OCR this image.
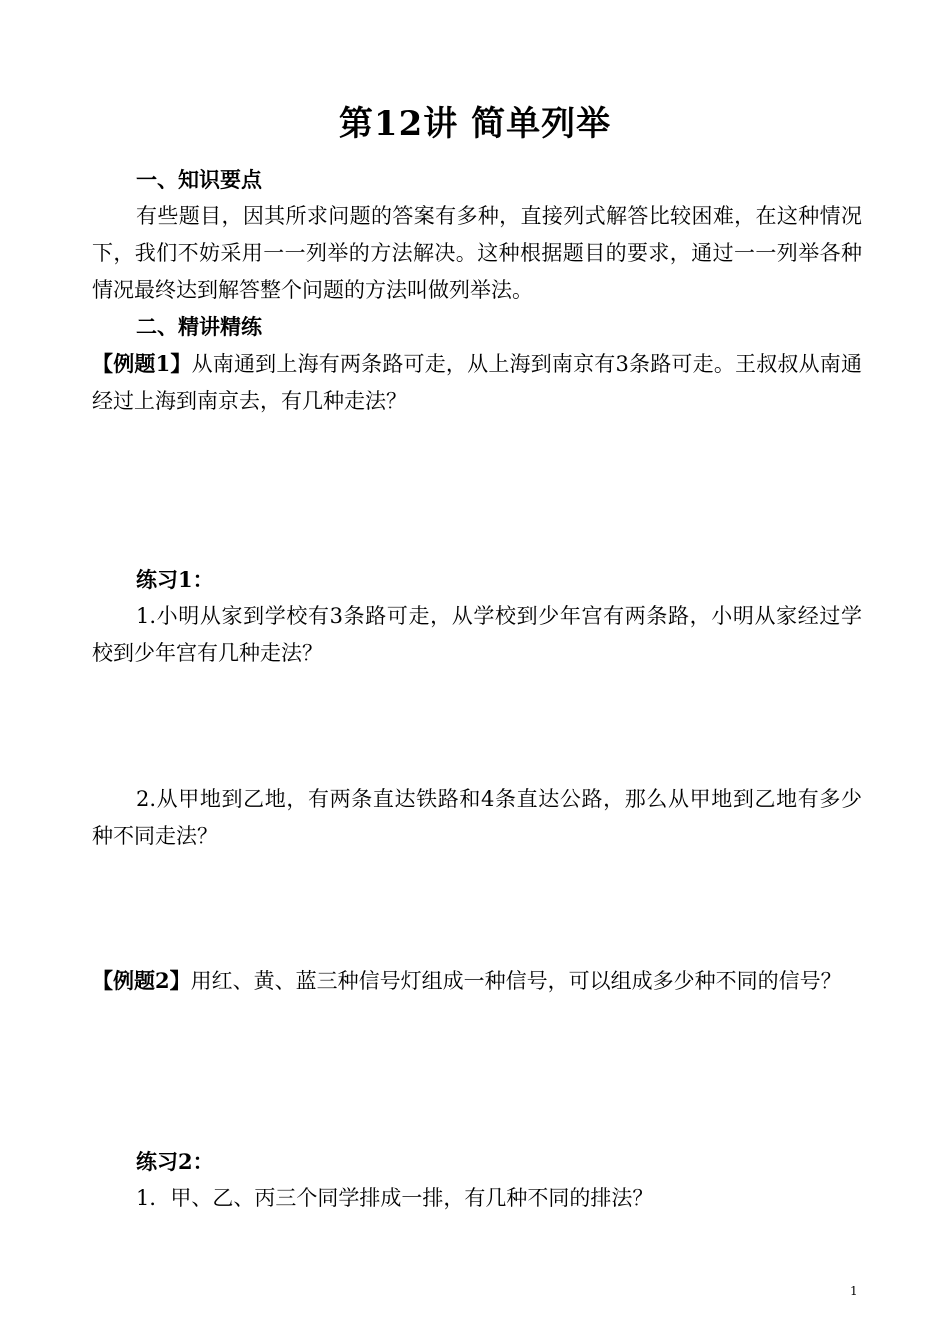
第12讲 简单列举
一、知识要点
有些题目，因其所求问题的答案有多种，直接列式解答比较困难，在这种情况下，我们不妨采用一一列举的方法解决。这种根据题目的要求，通过一一列举各种情况最终达到解答整个问题的方法叫做列举法。
二、精讲精练
【例题1】从南通到上海有两条路可走，从上海到南京有3条路可走。王叔叔从南通经过上海到南京去，有几种走法？
练习1：
1.小明从家到学校有3条路可走，从学校到少年宫有两条路，小明从家经过学校到少年宫有几种走法？
2.从甲地到乙地，有两条直达铁路和4条直达公路，那么从甲地到乙地有多少种不同走法？
【例题2】用红、黄、蓝三种信号灯组成一种信号，可以组成多少种不同的信号？
练习2：
1．甲、乙、丙三个同学排成一排，有几种不同的排法？
1
